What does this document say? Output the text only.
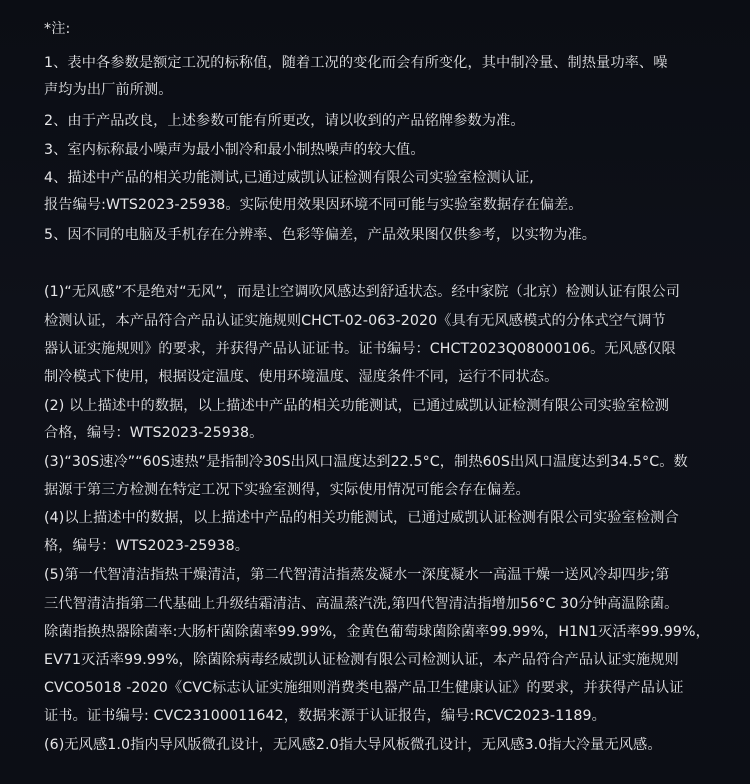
*注:
1、表中各参数是额定工况的标称值，随着工况的变化而会有所变化，其中制冷量、制热量功率、噪
声均为出厂前所测。
2、由于产品改良，上述参数可能有所更改，请以收到的产品铭牌参数为准。
3、室内标称最小噪声为最小制冷和最小制热噪声的较大值。
4、描述中产品的相关功能测试,已通过威凯认证检测有限公司实验室检测认证,
报告编号:WTS2023-25938。实际使用效果因环境不同可能与实验室数据存在偏差。
5、因不同的电脑及手机存在分辨率、色彩等偏差，产品效果图仅供参考，以实物为准。
(1)“无风感”不是绝对“无风”，而是让空调吹风感达到舒适状态。经中家院（北京）检测认证有限公司
检测认证，本产品符合产品认证实施规则CHCT-02-063-2020《具有无风感模式的分体式空气调节
器认证实施规则》的要求，并获得产品认证证书。证书编号：CHCT2023Q08000106。无风感仅限
制冷模式下使用，根据设定温度、使用环境温度、湿度条件不同，运行不同状态。
(2) 以上描述中的数据，以上描述中产品的相关功能测试，已通过威凯认证检测有限公司实验室检测
合格，编号：WTS2023-25938。
(3)“30S速冷”“60S速热”是指制冷30S出风口温度达到22.5°C，制热60S出风口温度达到34.5°C。数
据源于第三方检测在特定工况下实验室测得，实际使用情况可能会存在偏差。
(4)以上描述中的数据，以上描述中产品的相关功能测试，已通过威凯认证检测有限公司实验室检测合
格，编号：WTS2023-25938。
(5)第一代智清洁指热干燥清洁，第二代智清洁指蒸发凝水一深度凝水一高温干燥一送风冷却四步;第
三代智清洁指第二代基础上升级结霜清洁、高温蒸汽洗,第四代智清洁指增加56°C 30分钟高温除菌。
除菌指换热器除菌率:大肠杆菌除菌率99.99%，金黄色葡萄球菌除菌率99.99%，H1N1灭活率99.99%，
EV71灭活率99.99%，除菌除病毒经威凯认证检测有限公司检测认证，本产品符合产品认证实施规则
CVCO5018 -2020《CVC标志认证实施细则消费类电器产品卫生健康认证》的要求，并获得产品认证
证书。证书编号: CVC23100011642，数据来源于认证报告，编号:RCVC2023-1189。
(6)无风感1.0指内导风版微孔设计，无风感2.0指大导风板微孔设计，无风感3.0指大冷量无风感。
